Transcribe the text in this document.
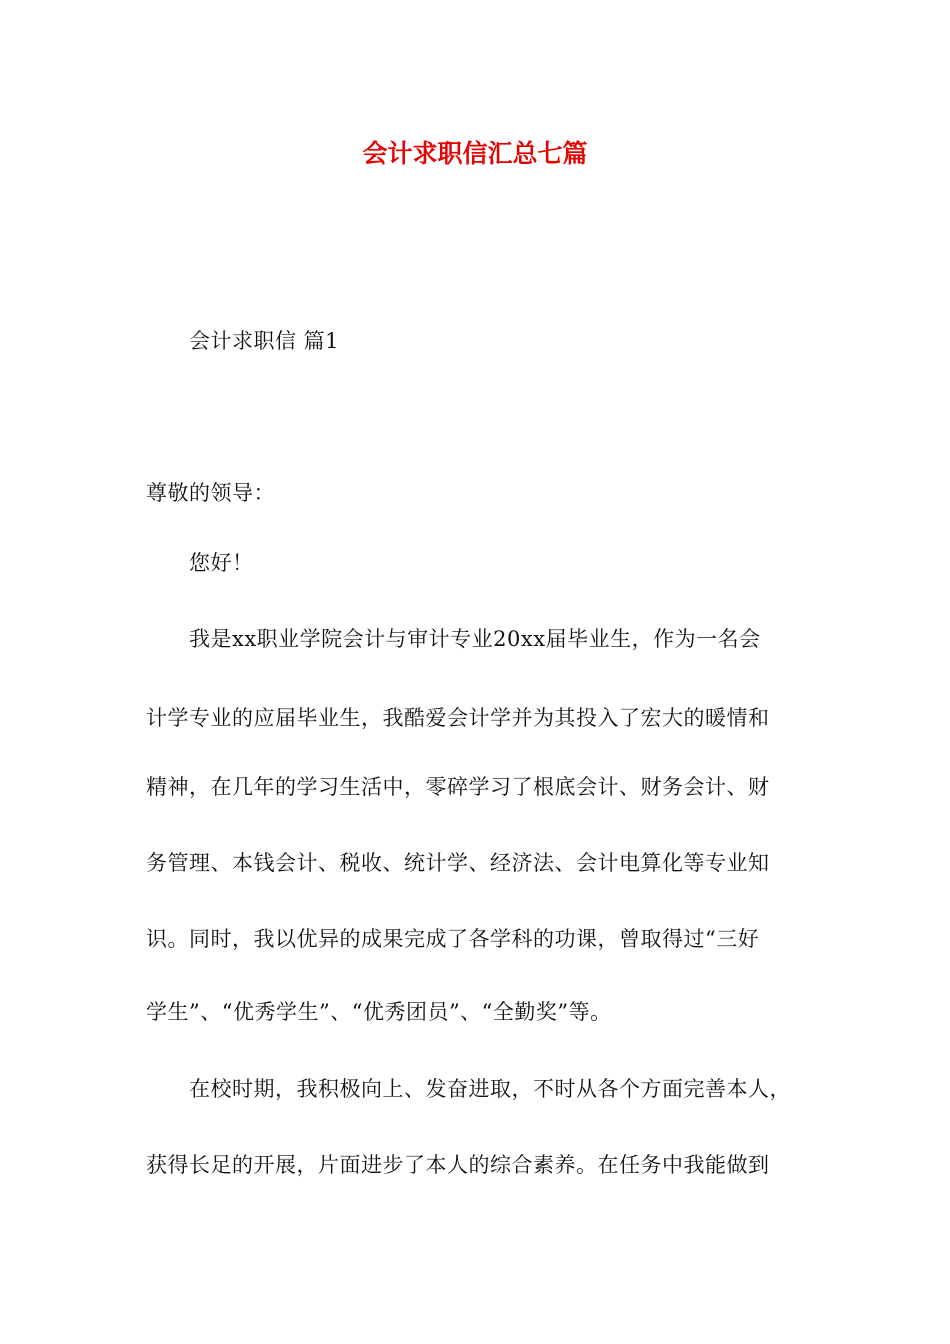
会计求职信汇总七篇
会计求职信 篇1
尊敬的领导：
您好！
我是xx职业学院会计与审计专业20xx届毕业生，作为一名会
计学专业的应届毕业生，我酷爱会计学并为其投入了宏大的暖情和
精神，在几年的学习生活中，零碎学习了根底会计、财务会计、财
务管理、本钱会计、税收、统计学、经济法、会计电算化等专业知
识。同时，我以优异的成果完成了各学科的功课，曾取得过“三好
学生”、“优秀学生”、“优秀团员”、“全勤奖”等。
在校时期，我积极向上、发奋进取，不时从各个方面完善本人，
获得长足的开展，片面进步了本人的综合素养。在任务中我能做到
